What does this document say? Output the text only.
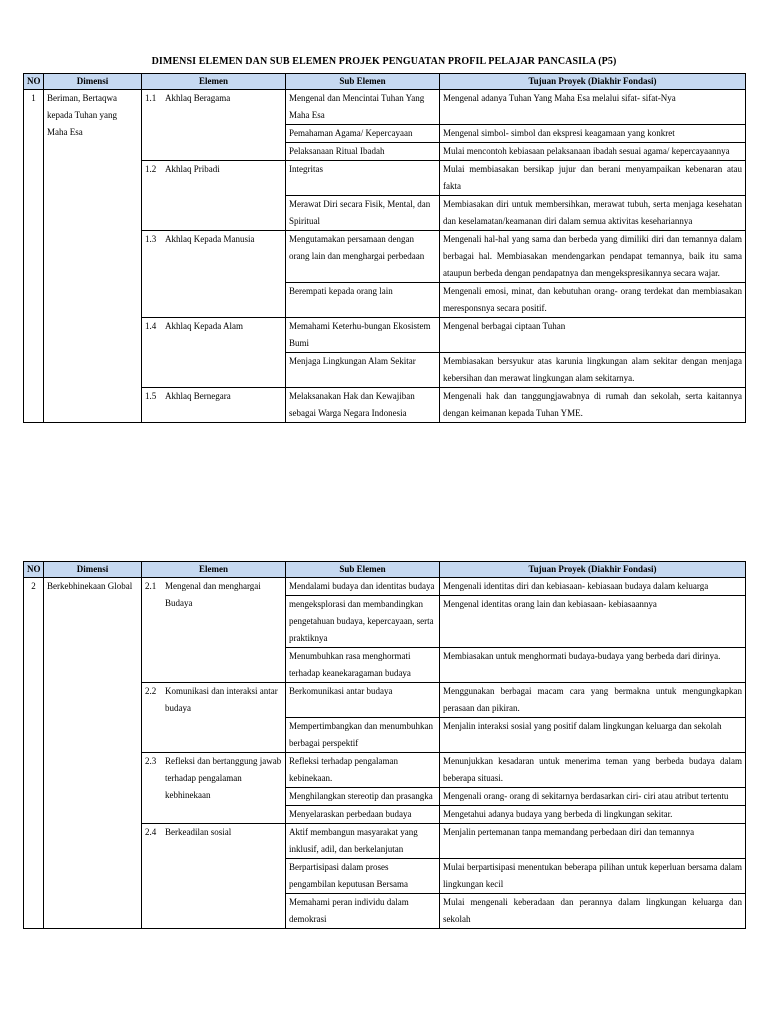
DIMENSI ELEMEN DAN SUB ELEMEN PROJEK PENGUATAN PROFIL PELAJAR PANCASILA (P5)
NO	Dimensi	Elemen	Sub Elemen	Tujuan Proyek (Diakhir Fondasi)
1	Beriman, Bertaqwa kepada Tuhan yang Maha Esa	1.1 Akhlaq Beragama	Mengenal dan Mencintai Tuhan Yang Maha Esa	Mengenal adanya Tuhan Yang Maha Esa melalui sifat- sifat-Nya
			Pemahaman Agama/ Kepercayaan	Mengenal simbol- simbol dan ekspresi keagamaan yang konkret
			Pelaksanaan Ritual Ibadah	Mulai mencontoh kebiasaan pelaksanaan ibadah sesuai agama/ kepercayaannya

		1.2 Akhlaq Pribadi	Integritas	Mulai membiasakan bersikap jujur dan berani menyampaikan kebenaran atau fakta
			Merawat Diri secara Fisik, Mental, dan Spiritual	Membiasakan diri untuk membersihkan, merawat tubuh, serta menjaga kesehatan dan keselamatan/keamanan diri dalam semua aktivitas kesehariannya

		1.3 Akhlaq Kepada Manusia	Mengutamakan persamaan dengan orang lain dan menghargai perbedaan	Mengenali hal-hal yang sama dan berbeda yang dimiliki diri dan temannya dalam berbagai hal. Membiasakan mendengarkan pendapat temannya, baik itu sama ataupun berbeda dengan pendapatnya dan mengekspresikannya secara wajar.
			Berempati kepada orang lain	Mengenali emosi, minat, dan kebutuhan orang- orang terdekat dan membiasakan meresponsnya secara positif.

		1.4 Akhlaq Kepada Alam	Memahami Keterhu-bungan Ekosistem Bumi	Mengenal berbagai ciptaan Tuhan
			Menjaga Lingkungan Alam Sekitar	Membiasakan bersyukur atas karunia lingkungan alam sekitar dengan menjaga kebersihan dan merawat lingkungan alam sekitarnya.

		1.5 Akhlaq Bernegara	Melaksanakan Hak dan Kewajiban sebagai Warga Negara Indonesia	Mengenali hak dan tanggungjawabnya di rumah dan sekolah, serta kaitannya dengan keimanan kepada Tuhan YME.
NO	Dimensi	Elemen	Sub Elemen	Tujuan Proyek (Diakhir Fondasi)
2	Berkebhinekaan Global	2.1 Mengenal dan menghargai Budaya	Mendalami budaya dan identitas budaya	Mengenali identitas diri dan kebiasaan- kebiasaan budaya dalam keluarga
			mengeksplorasi dan membandingkan pengetahuan budaya, kepercayaan, serta praktiknya	Mengenal identitas orang lain dan kebiasaan- kebiasaannya
			Menumbuhkan rasa menghormati terhadap keanekaragaman budaya	Membiasakan untuk menghormati budaya-budaya yang berbeda dari dirinya.

		2.2 Komunikasi dan interaksi antar budaya	Berkomunikasi antar budaya	Menggunakan berbagai macam cara yang bermakna untuk mengungkapkan perasaan dan pikiran.
			Mempertimbangkan dan menumbuhkan berbagai perspektif	Menjalin interaksi sosial yang positif dalam lingkungan keluarga dan sekolah

		2.3 Refleksi dan bertanggung jawab terhadap pengalaman kebhinekaan	Refleksi terhadap pengalaman kebinekaan.	Menunjukkan kesadaran untuk menerima teman yang berbeda budaya dalam beberapa situasi.
			Menghilangkan stereotip dan prasangka	Mengenali orang- orang di sekitarnya berdasarkan ciri- ciri atau atribut tertentu
			Menyelaraskan perbedaan budaya	Mengetahui adanya budaya yang berbeda di lingkungan sekitar.

		2.4 Berkeadilan sosial	Aktif membangun masyarakat yang inklusif, adil, dan berkelanjutan	Menjalin pertemanan tanpa memandang perbedaan diri dan temannya
			Berpartisipasi dalam proses pengambilan keputusan Bersama	Mulai berpartisipasi menentukan beberapa pilihan untuk keperluan bersama dalam lingkungan kecil
			Memahami peran individu dalam demokrasi	Mulai mengenali keberadaan dan perannya dalam lingkungan keluarga dan sekolah
